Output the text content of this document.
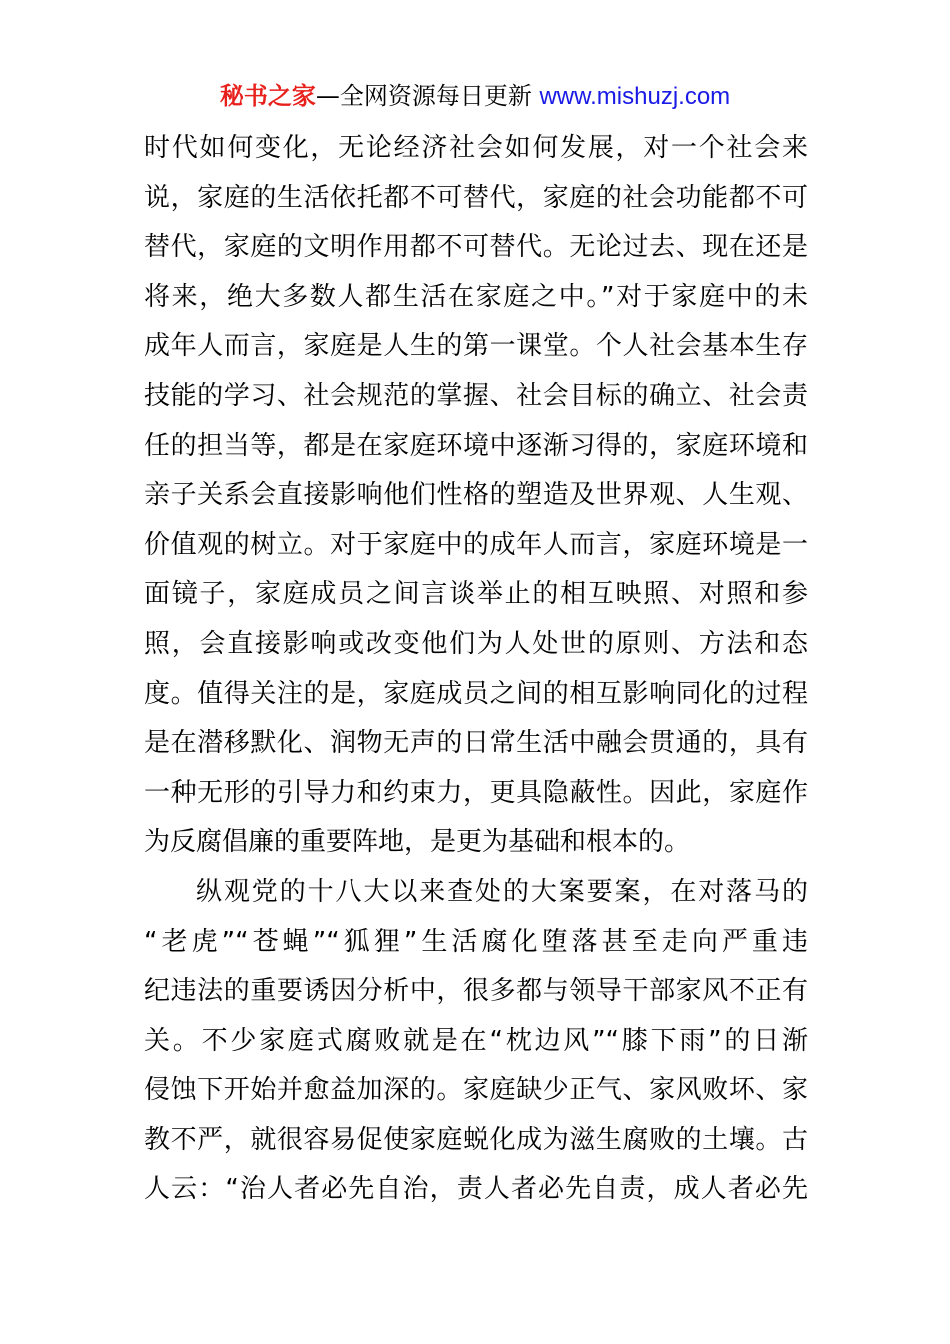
秘书之家—全网资源每日更新 www.mishuzj.com
时代如何变化，无论经济社会如何发展，对一个社会来
说，家庭的生活依托都不可替代，家庭的社会功能都不可
替代，家庭的文明作用都不可替代。无论过去、现在还是
将来，绝大多数人都生活在家庭之中。”对于家庭中的未
成年人而言，家庭是人生的第一课堂。个人社会基本生存
技能的学习、社会规范的掌握、社会目标的确立、社会责
任的担当等，都是在家庭环境中逐渐习得的，家庭环境和
亲子关系会直接影响他们性格的塑造及世界观、人生观、
价值观的树立。对于家庭中的成年人而言，家庭环境是一
面镜子，家庭成员之间言谈举止的相互映照、对照和参
照，会直接影响或改变他们为人处世的原则、方法和态
度。值得关注的是，家庭成员之间的相互影响同化的过程
是在潜移默化、润物无声的日常生活中融会贯通的，具有
一种无形的引导力和约束力，更具隐蔽性。因此，家庭作
为反腐倡廉的重要阵地，是更为基础和根本的。
纵观党的十八大以来查处的大案要案，在对落马的
“老虎”“苍蝇”“狐狸”生活腐化堕落甚至走向严重违
纪违法的重要诱因分析中，很多都与领导干部家风不正有
关。不少家庭式腐败就是在“枕边风”“膝下雨”的日渐
侵蚀下开始并愈益加深的。家庭缺少正气、家风败坏、家
教不严，就很容易促使家庭蜕化成为滋生腐败的土壤。古
人云：“治人者必先自治，责人者必先自责，成人者必先
